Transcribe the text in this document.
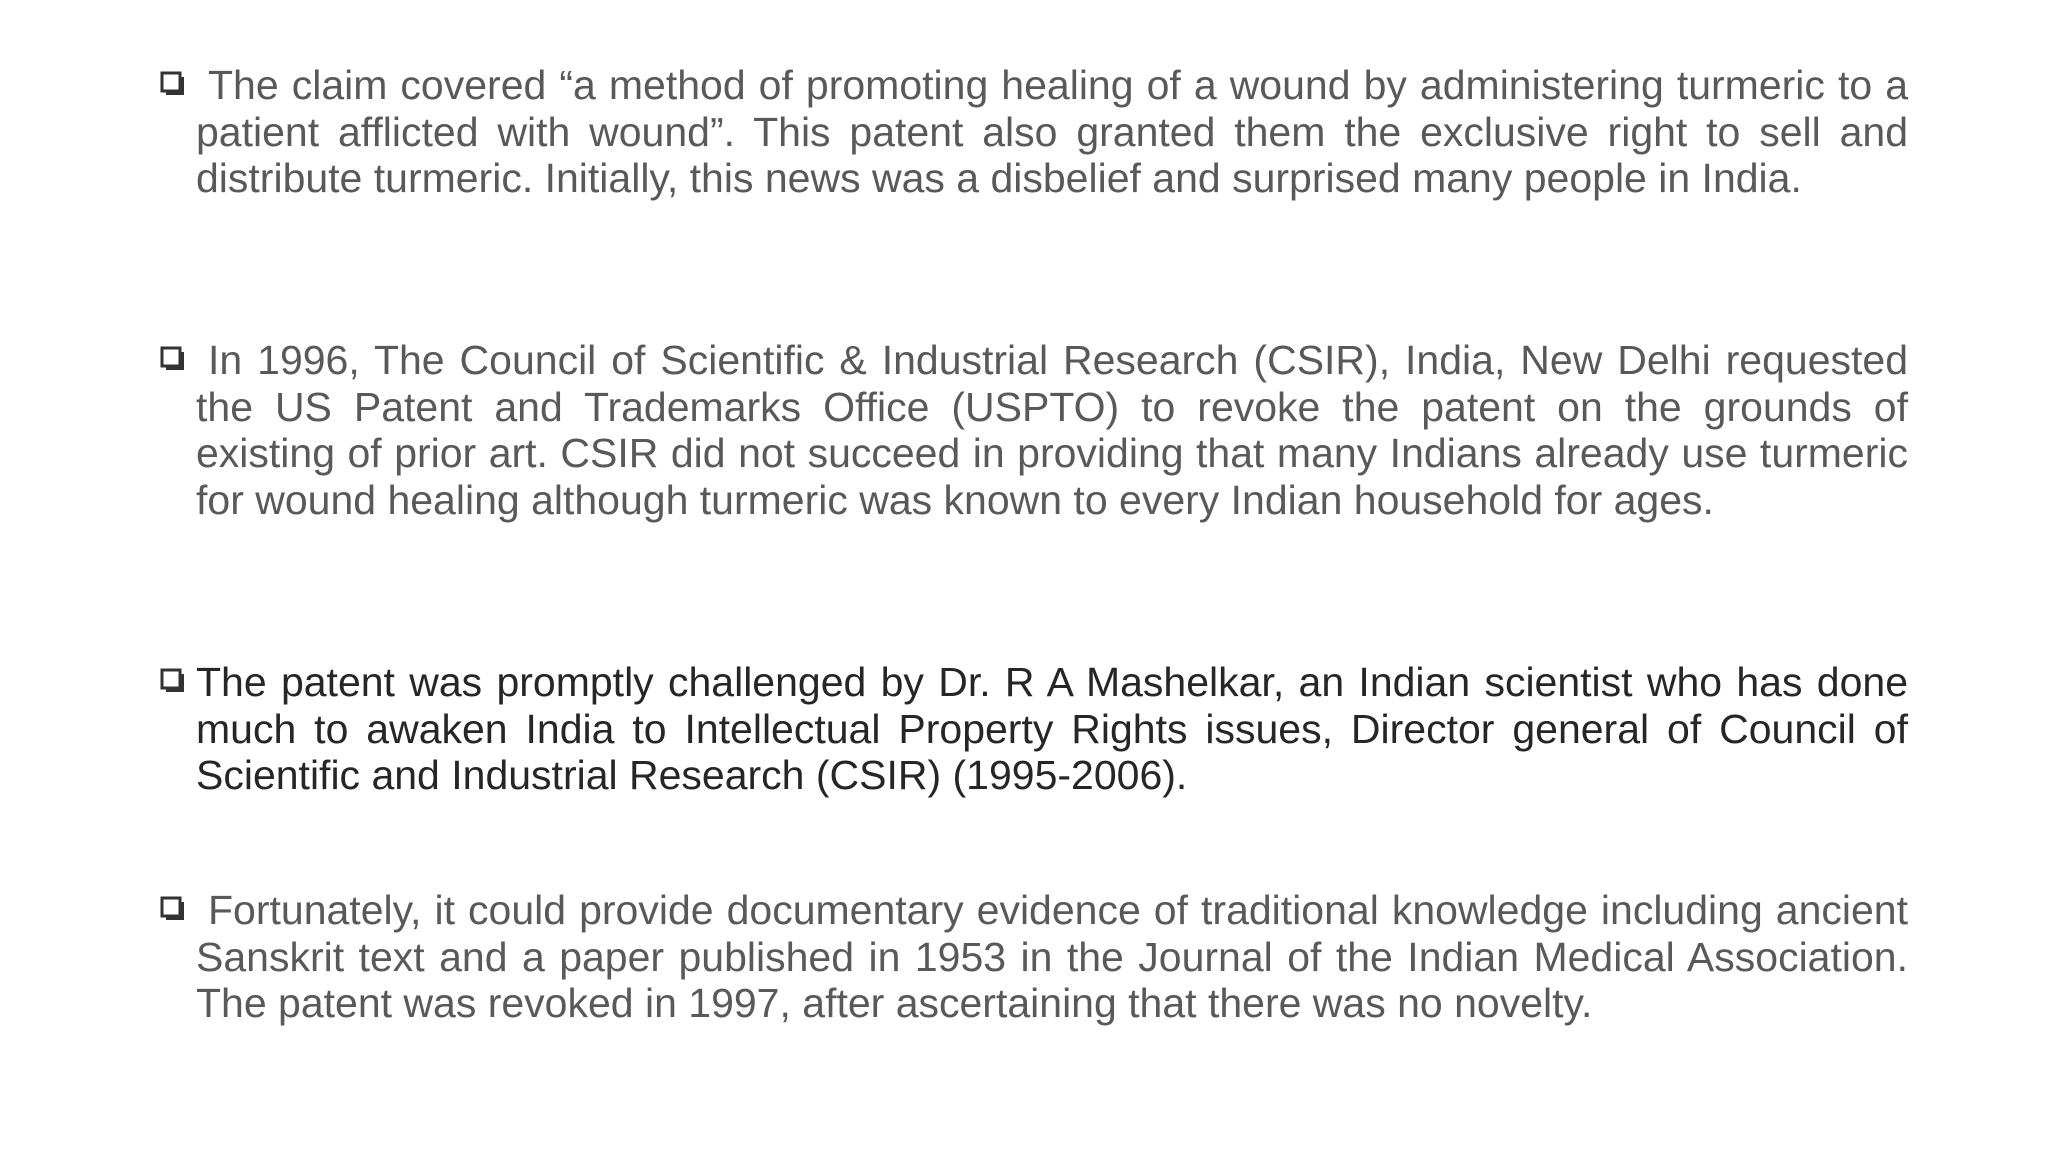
The claim covered “a method of promoting healing of a wound by administering turmeric to a patient afflicted with wound”. This patent also granted them the exclusive right to sell and distribute turmeric. Initially, this news was a disbelief and surprised many people in India.

In 1996, The Council of Scientific & Industrial Research (CSIR), India, New Delhi requested the US Patent and Trademarks Office (USPTO) to revoke the patent on the grounds of existing of prior art. CSIR did not succeed in providing that many Indians already use turmeric for wound healing although turmeric was known to every Indian household for ages.

The patent was promptly challenged by Dr. R A Mashelkar, an Indian scientist who has done much to awaken India to Intellectual Property Rights issues, Director general of Council of Scientific and Industrial Research (CSIR) (1995-2006).

Fortunately, it could provide documentary evidence of traditional knowledge including ancient Sanskrit text and a paper published in 1953 in the Journal of the Indian Medical Association. The patent was revoked in 1997, after ascertaining that there was no novelty.
